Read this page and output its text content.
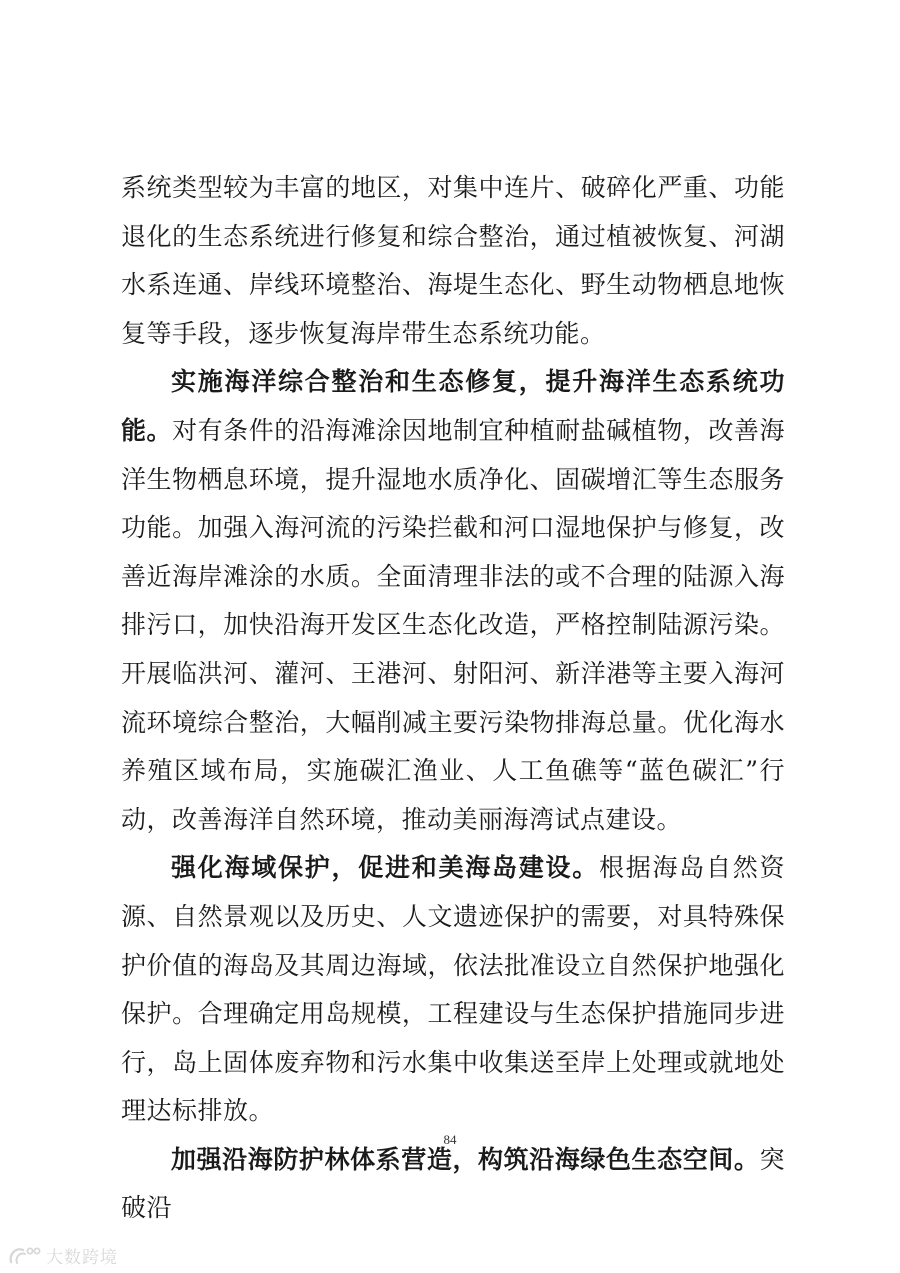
系统类型较为丰富的地区，对集中连片、破碎化严重、功能退化的生态系统进行修复和综合整治，通过植被恢复、河湖水系连通、岸线环境整治、海堤生态化、野生动物栖息地恢复等手段，逐步恢复海岸带生态系统功能。

实施海洋综合整治和生态修复，提升海洋生态系统功能。对有条件的沿海滩涂因地制宜种植耐盐碱植物，改善海洋生物栖息环境，提升湿地水质净化、固碳增汇等生态服务功能。加强入海河流的污染拦截和河口湿地保护与修复，改善近海岸滩涂的水质。全面清理非法的或不合理的陆源入海排污口，加快沿海开发区生态化改造，严格控制陆源污染。开展临洪河、灌河、王港河、射阳河、新洋港等主要入海河流环境综合整治，大幅削减主要污染物排海总量。优化海水养殖区域布局，实施碳汇渔业、人工鱼礁等“蓝色碳汇”行动，改善海洋自然环境，推动美丽海湾试点建设。

强化海域保护，促进和美海岛建设。根据海岛自然资源、自然景观以及历史、人文遗迹保护的需要，对具特殊保护价值的海岛及其周边海域，依法批准设立自然保护地强化保护。合理确定用岛规模，工程建设与生态保护措施同步进行，岛上固体废弃物和污水集中收集送至岸上处理或就地处理达标排放。

加强沿海防护林体系营造，构筑沿海绿色生态空间。突破沿

84
大数跨境
